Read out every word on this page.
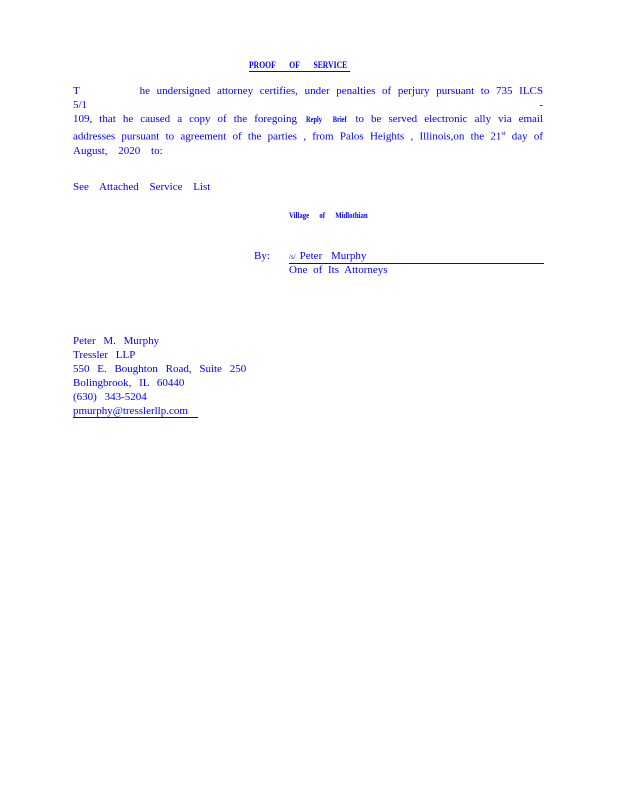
PROOF OF SERVICE
T	he undersigned attorney certifies, under penalties of perjury pursuant to 735 ILCS 5/1 -
109, that he caused a copy of the foregoing Reply Brief to be served electronic ally via email
addresses pursuant to agreement of the parties , from Palos Heights , Illinois,on the 21st day of
August, 2020 to:
See Attached Service List
Village of Midlothian
By:	/s/ Peter Murphy
One of Its Attorneys
Peter M. Murphy
Tressler LLP
550 E. Boughton Road, Suite 250
Bolingbrook, IL 60440
(630) 343-5204
pmurphy@tresslerllp.com
